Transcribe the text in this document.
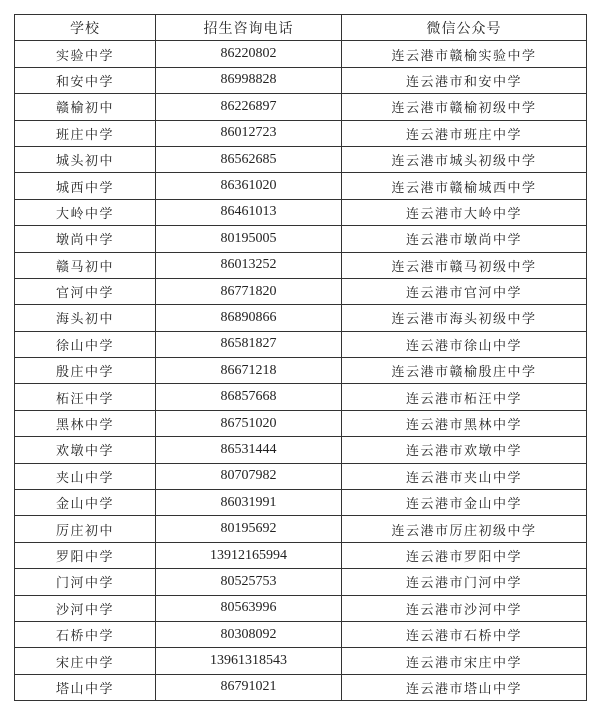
学校	招生咨询电话	微信公众号
实验中学	86220802	连云港市赣榆实验中学
和安中学	86998828	连云港市和安中学
赣榆初中	86226897	连云港市赣榆初级中学
班庄中学	86012723	连云港市班庄中学
城头初中	86562685	连云港市城头初级中学
城西中学	86361020	连云港市赣榆城西中学
大岭中学	86461013	连云港市大岭中学
墩尚中学	80195005	连云港市墩尚中学
赣马初中	86013252	连云港市赣马初级中学
官河中学	86771820	连云港市官河中学
海头初中	86890866	连云港市海头初级中学
徐山中学	86581827	连云港市徐山中学
殷庄中学	86671218	连云港市赣榆殷庄中学
柘汪中学	86857668	连云港市柘汪中学
黑林中学	86751020	连云港市黑林中学
欢墩中学	86531444	连云港市欢墩中学
夹山中学	80707982	连云港市夹山中学
金山中学	86031991	连云港市金山中学
厉庄初中	80195692	连云港市厉庄初级中学
罗阳中学	13912165994	连云港市罗阳中学
门河中学	80525753	连云港市门河中学
沙河中学	80563996	连云港市沙河中学
石桥中学	80308092	连云港市石桥中学
宋庄中学	13961318543	连云港市宋庄中学
塔山中学	86791021	连云港市塔山中学
